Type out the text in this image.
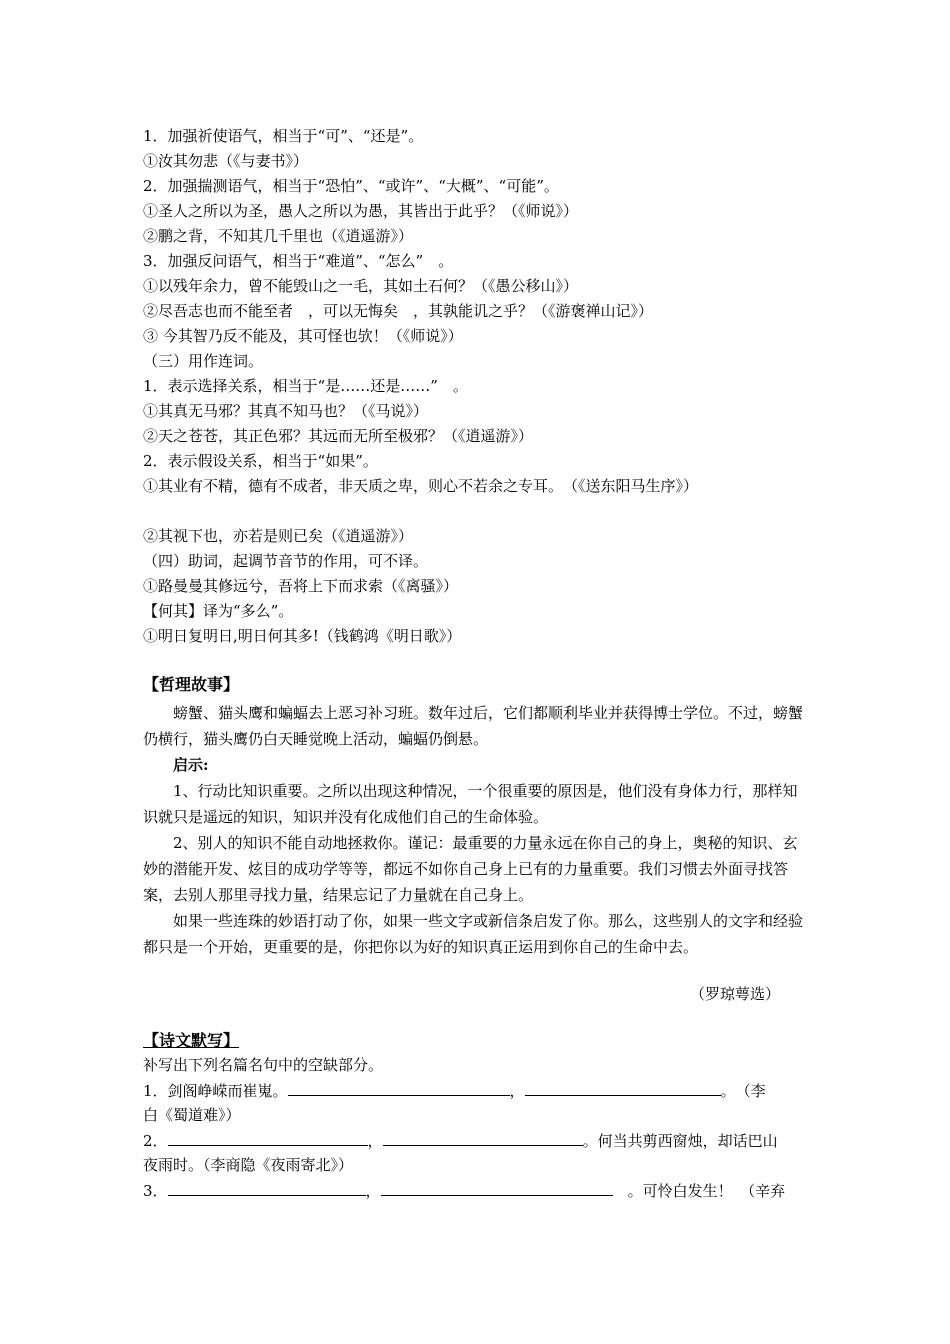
1．加强祈使语气，相当于“可”、“还是”。
①汝其勿悲（《与妻书》）
2．加强揣测语气，相当于“恐怕”、“或许”、“大概”、“可能”。
①圣人之所以为圣，愚人之所以为愚，其皆出于此乎？（《师说》）
②鹏之背，不知其几千里也（《逍遥游》）
3．加强反问语气，相当于“难道”、“怎么”　。
①以残年余力，曾不能毁山之一毛，其如土石何？（《愚公移山》）
②尽吾志也而不能至者　，可以无悔矣　，其孰能讥之乎？（《游褒禅山记》）
③ 今其智乃反不能及，其可怪也欤！（《师说》）
（三）用作连词。
1．表示选择关系，相当于“是……还是……”　。
①其真无马邪？其真不知马也？（《马说》）
②天之苍苍，其正色邪？其远而无所至极邪？（《逍遥游》）
2．表示假设关系，相当于“如果”。
①其业有不精，德有不成者，非天质之卑，则心不若余之专耳。　（《送东阳马生序》）
②其视下也，亦若是则已矣（《逍遥游》）
（四）助词，起调节音节的作用，可不译。
①路曼曼其修远兮，吾将上下而求索（《离骚》）
【何其】译为“多么”。
①明日复明日,明日何其多!（钱鹤鸿《明日歌》）
【哲理故事】

螃蟹、猫头鹰和蝙蝠去上恶习补习班。数年过后，它们都顺利毕业并获得博士学位。不过，螃蟹仍横行，猫头鹰仍白天睡觉晚上活动，蝙蝠仍倒悬。

启示:

1、行动比知识重要。之所以出现这种情况，一个很重要的原因是，他们没有身体力行，那样知识就只是遥远的知识，知识并没有化成他们自己的生命体验。

2、别人的知识不能自动地拯救你。谨记：最重要的力量永远在你自己的身上，奥秘的知识、玄妙的潜能开发、炫目的成功学等等，都远不如你自己身上已有的力量重要。我们习惯去外面寻找答案，去别人那里寻找力量，结果忘记了力量就在自己身上。

如果一些连珠的妙语打动了你，如果一些文字或新信条启发了你。那么，这些别人的文字和经验都只是一个开始，更重要的是，你把你以为好的知识真正运用到你自己的生命中去。

（罗琼萼选）
【诗文默写】
补写出下列名篇名句中的空缺部分。
1．剑阁峥嵘而崔嵬。	，	。　（李
白《蜀道难》）
2．	，	。何当共剪西窗烛，却话巴山
夜雨时。（李商隐《夜雨寄北》）
3．	，	　。可怜白发生！　（辛弃
